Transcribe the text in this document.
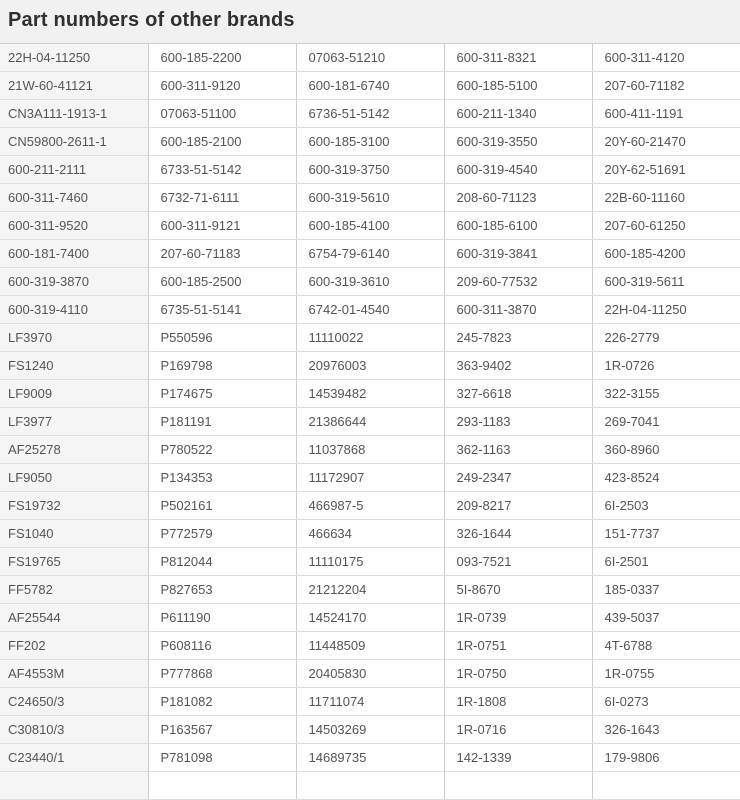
Part numbers of other brands
22H-04-11250	600-185-2200	07063-51210	600-311-8321	600-311-4120
21W-60-41121	600-311-9120	600-181-6740	600-185-5100	207-60-71182
CN3A111-1913-1	07063-51100	6736-51-5142	600-211-1340	600-411-1191
CN59800-2611-1	600-185-2100	600-185-3100	600-319-3550	20Y-60-21470
600-211-2111	6733-51-5142	600-319-3750	600-319-4540	20Y-62-51691
600-311-7460	6732-71-6111	600-319-5610	208-60-71123	22B-60-11160
600-311-9520	600-311-9121	600-185-4100	600-185-6100	207-60-61250
600-181-7400	207-60-71183	6754-79-6140	600-319-3841	600-185-4200
600-319-3870	600-185-2500	600-319-3610	209-60-77532	600-319-5611
600-319-4110	6735-51-5141	6742-01-4540	600-311-3870	22H-04-11250
LF3970	P550596	11110022	245-7823	226-2779
FS1240	P169798	20976003	363-9402	1R-0726
LF9009	P174675	14539482	327-6618	322-3155
LF3977	P181191	21386644	293-1183	269-7041
AF25278	P780522	11037868	362-1163	360-8960
LF9050	P134353	11172907	249-2347	423-8524
FS19732	P502161	466987-5	209-8217	6I-2503
FS1040	P772579	466634	326-1644	151-7737
FS19765	P812044	11110175	093-7521	6I-2501
FF5782	P827653	21212204	5I-8670	185-0337
AF25544	P611190	14524170	1R-0739	439-5037
FF202	P608116	11448509	1R-0751	4T-6788
AF4553M	P777868	20405830	1R-0750	1R-0755
C24650/3	P181082	11711074	1R-1808	6I-0273
C30810/3	P163567	14503269	1R-0716	326-1643
C23440/1	P781098	14689735	142-1339	179-9806
